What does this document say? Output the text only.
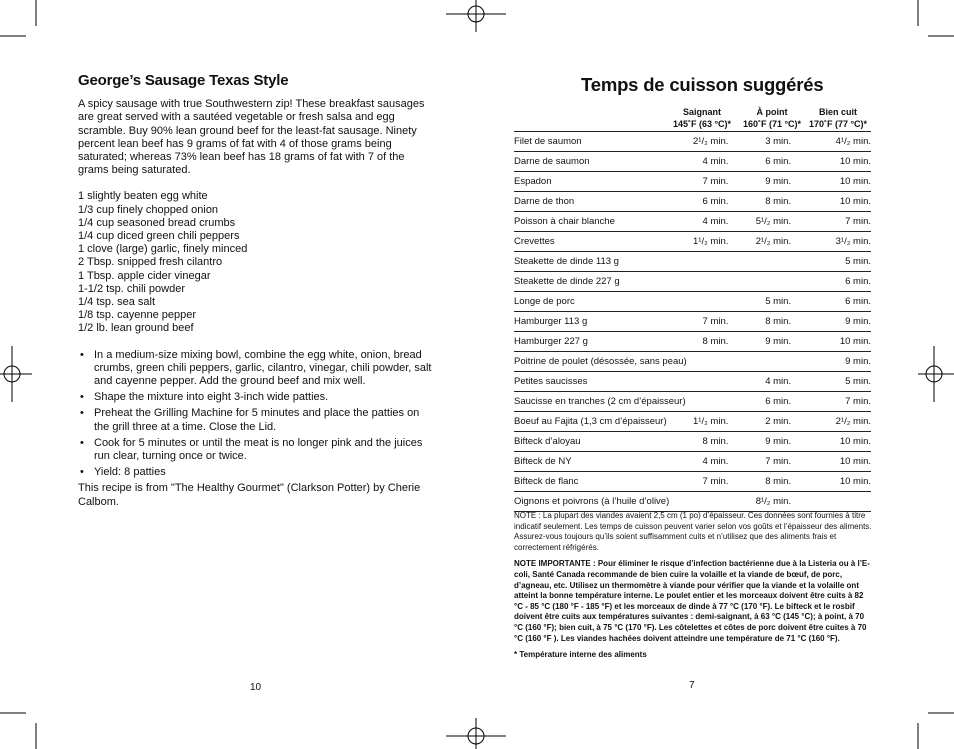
George’s Sausage Texas Style

A spicy sausage with true Southwestern zip! These breakfast sausages are great served with a sautéed vegetable or fresh salsa and egg scramble. Buy 90% lean ground beef for the least-fat sausage. Ninety percent lean beef has 9 grams of fat with 4 of those grams being saturated; whereas 73% lean beef has 18 grams of fat with 7 of the grams being saturated.

1 slightly beaten egg white
1/3 cup finely chopped onion
1/4 cup seasoned bread crumbs
1/4 cup diced green chili peppers
1 clove (large) garlic, finely minced
2 Tbsp. snipped fresh cilantro
1 Tbsp. apple cider vinegar
1-1/2 tsp. chili powder
1/4 tsp. sea salt
1/8 tsp. cayenne pepper
1/2 lb. lean ground beef
• In a medium-size mixing bowl, combine the egg white, onion, bread crumbs, green chili peppers, garlic, cilantro, vinegar, chili powder, salt and cayenne pepper. Add the ground beef and mix well.
• Shape the mixture into eight 3-inch wide patties.
• Preheat the Grilling Machine for 5 minutes and place the patties on the grill three at a time. Close the Lid.
• Cook for 5 minutes or until the meat is no longer pink and the juices run clear, turning once or twice.
• Yield: 8 patties

This recipe is from "The Healthy Gourmet" (Clarkson Potter) by Cherie Calbom.

10
Temps de cuisson suggérés
Saignant
145˚F (63 °C)*
À point
160˚F (71 °C)*
Bien cuit
170˚F (77 °C)*
Filet de saumon	2¹/₂ min.	3 min.	4¹/₂ min.
Darne de saumon	4 min.	6 min.	10 min.
Espadon	7 min.	9 min.	10 min.
Darne de thon	6 min.	8 min.	10 min.
Poisson à chair blanche	4 min.	5¹/₂ min.	7 min.
Crevettes	1¹/₂ min.	2¹/₂ min.	3¹/₂ min.
Steakette de dinde 113 g			5 min.
Steakette de dinde 227 g			6 min.
Longe de porc		5 min.	6 min.
Hamburger 113 g	7 min.	8 min.	9 min.
Hamburger 227 g	8 min.	9 min.	10 min.
Poitrine de poulet (désossée, sans peau)			9 min.
Petites saucisses		4 min.	5 min.
Saucisse en tranches (2 cm d’épaisseur)		6 min.	7 min.
Boeuf au Fajita (1,3 cm d’épaisseur)	1¹/₂ min.	2 min.	2¹/₂ min.
Bifteck d’aloyau	8 min.	9 min.	10 min.
Bifteck de NY	4 min.	7 min.	10 min.
Bifteck de flanc	7 min.	8 min.	10 min.
Oignons et poivrons (à l’huile d’olive)		8¹/₂ min.	

NOTE : La plupart des viandes avaient 2,5 cm (1 po) d’épaisseur. Ces données sont fournies à titre indicatif seulement. Les temps de cuisson peuvent varier selon vos goûts et l’épaisseur des aliments. Assurez-vous toujours qu’ils soient suffisamment cuits et n’utilisez que des aliments frais et correctement réfrigérés.

NOTE IMPORTANTE : Pour éliminer le risque d’infection bactérienne due à la Listeria ou à l’E-coli, Santé Canada recommande de bien cuire la volaille et la viande de bœuf, de porc, d’agneau, etc. Utilisez un thermomètre à viande pour vérifier que la viande et la volaille ont atteint la bonne température interne. Le poulet entier et les morceaux doivent être cuits à 82 °C - 85 °C (180 °F - 185 °F) et les morceaux de dinde à 77 °C (170 °F). Le bifteck et le rosbif doivent être cuits aux températures suivantes : demi-saignant, à 63 °C (145 °C); à point, à 70 °C (160 °F); bien cuit, à 75 °C (170 °F). Les côtelettes et côtes de porc doivent être cuites à 70 °C (160 °F ). Les viandes hachées doivent atteindre une température de 71 °C (160 °F).

* Température interne des aliments

7
